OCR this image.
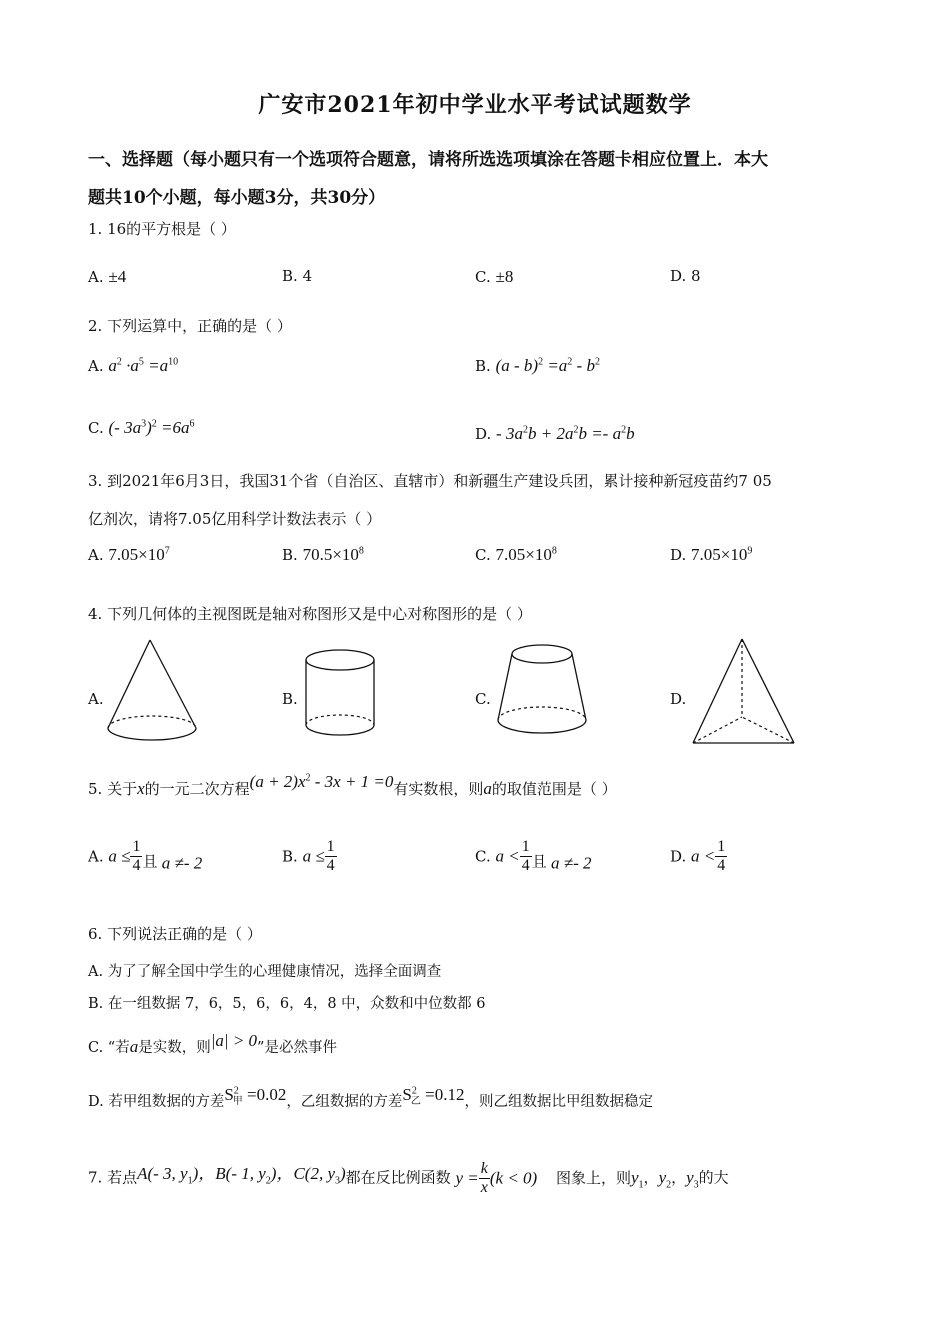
广安市2021年初中学业水平考试试题数学
一、选择题（每小题只有一个选项符合题意，请将所选选项填涂在答题卡相应位置上．本大
题共10个小题，每小题3分，共30分）
1. 16的平方根是（ ）
A. ±4	B. 4	C. ±8	D. 8
2. 下列运算中，正确的是（ ）
A. $a^2 \cdot a^5 =a^{10}$	B. $(a - b)^2 =a^2 - b^2$
C. (- $3a^3)^2 =6a^6$
D. - $3a^2b + 2a^2b =- a^2b$
3. 到2021年6月3日，我国31个省（自治区、直辖市）和新疆生产建设兵团，累计接种新冠疫苗约7 05
亿剂次，请将7.05亿用科学计数法表示（ ）
A. $7.05\times 10^7$	B. $70.5\times 10^8$	C. $7.05\times 10^8$	D. $7.05\times 10^9$
4. 下列几何体的主视图既是轴对称图形又是中心对称图形的是（ ）
A.	B.	C.	D.
5. 关于x的一元二次方程$(a + 2)x^2 - 3x + 1 =0$有实数根，则a的取值范围是（ ）
A. $a \le \frac{1}{4}$ 且 a ≠- 2	B. $a \le \frac{1}{4}$	C. $a < \frac{1}{4}$ 且 a ≠- 2	D. $a < \frac{1}{4}$
6. 下列说法正确的是（ ）
A. 为了了解全国中学生的心理健康情况，选择全面调查
B. 在一组数据 7，6，5，6，6，4，8 中，众数和中位数都 6
C. “若a是实数，则|a| > 0”是必然事件
D. 若甲组数据的方差$S^2_甲 =0.02$，乙组数据的方差$S^2_乙 =0.12$，则乙组数据比甲组数据稳定
7. 若点A(- 3, $y_1$)，B(- 1, $y_2$)，C(2, $y_3$)都在反比例函数 $y = \frac{k}{x} (k < 0)$ 图象上，则$y_1$，$y_2$，$y_3$的大
